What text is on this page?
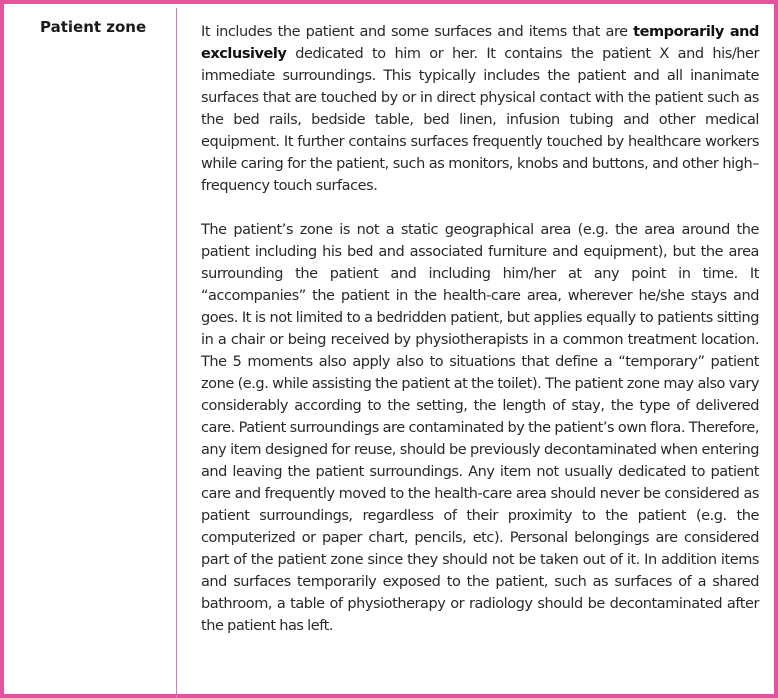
Patient zone	It includes the patient and some surfaces and items that are temporarily and exclusively dedicated to him or her. It contains the patient X and his/her immediate surroundings. This typically includes the patient and all inanimate surfaces that are touched by or in direct physical contact with the patient such as the bed rails, bedside table, bed linen, infusion tubing and other medical equipment. It further contains surfaces frequently touched by healthcare workers while caring for the patient, such as monitors, knobs and buttons, and other high–frequency touch surfaces.

The patient’s zone is not a static geographical area (e.g. the area around the patient including his bed and associated furniture and equipment), but the area surrounding the patient and including him/her at any point in time. It “accompanies” the patient in the health-care area, wherever he/she stays and goes. It is not limited to a bedridden patient, but applies equally to patients sitting in a chair or being received by physiotherapists in a common treatment location. The 5 moments also apply also to situations that define a “temporary” patient zone (e.g. while assisting the patient at the toilet). The patient zone may also vary considerably according to the setting, the length of stay, the type of delivered care. Patient surroundings are contaminated by the patient’s own flora. Therefore, any item designed for reuse, should be previously decontaminated when entering and leaving the patient surroundings. Any item not usually dedicated to patient care and frequently moved to the health-care area should never be considered as patient surroundings, regardless of their proximity to the patient (e.g. the computerized or paper chart, pencils, etc). Personal belongings are considered part of the patient zone since they should not be taken out of it. In addition items and surfaces temporarily exposed to the patient, such as surfaces of a shared bathroom, a table of physiotherapy or radiology should be decontaminated after the patient has left.
